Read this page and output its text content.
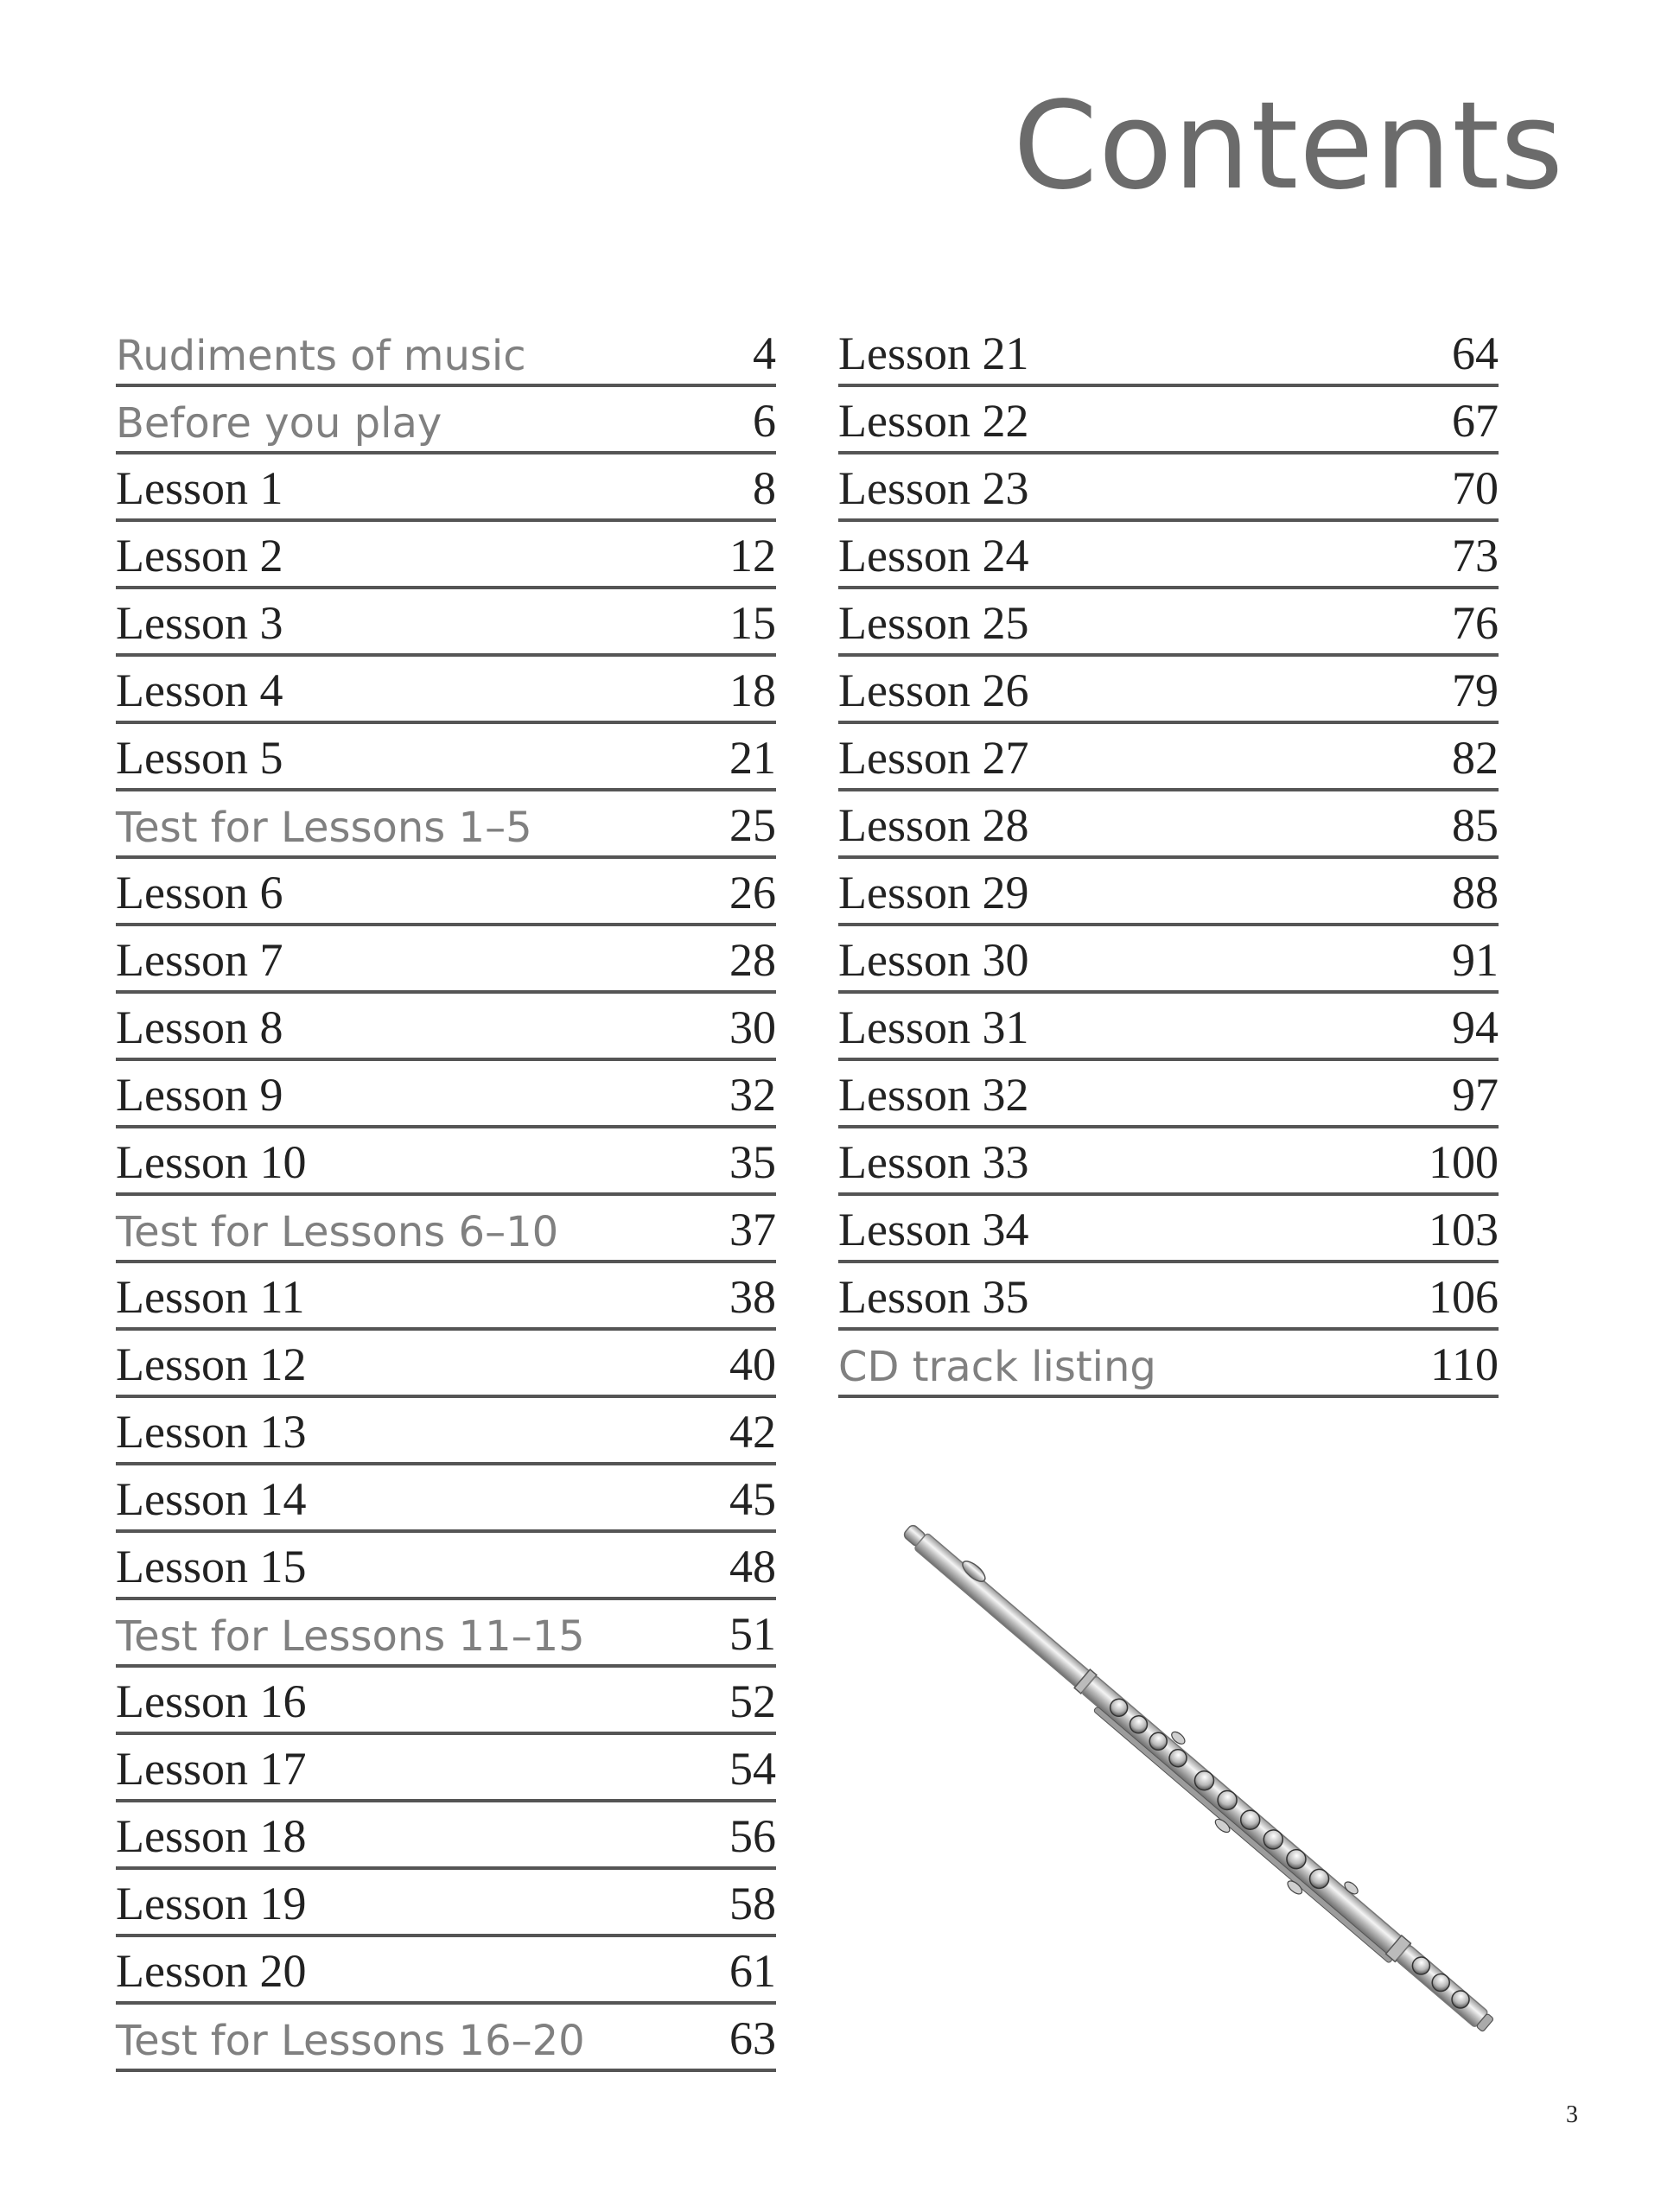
Contents
Rudiments of music	4
Before you play	6
Lesson 1	8
Lesson 2	12
Lesson 3	15
Lesson 4	18
Lesson 5	21
Test for Lessons 1–5	25
Lesson 6	26
Lesson 7	28
Lesson 8	30
Lesson 9	32
Lesson 10	35
Test for Lessons 6–10	37
Lesson 11	38
Lesson 12	40
Lesson 13	42
Lesson 14	45
Lesson 15	48
Test for Lessons 11–15	51
Lesson 16	52
Lesson 17	54
Lesson 18	56
Lesson 19	58
Lesson 20	61
Test for Lessons 16–20	63
Lesson 21	64
Lesson 22	67
Lesson 23	70
Lesson 24	73
Lesson 25	76
Lesson 26	79
Lesson 27	82
Lesson 28	85
Lesson 29	88
Lesson 30	91
Lesson 31	94
Lesson 32	97
Lesson 33	100
Lesson 34	103
Lesson 35	106
CD track listing	110
3
